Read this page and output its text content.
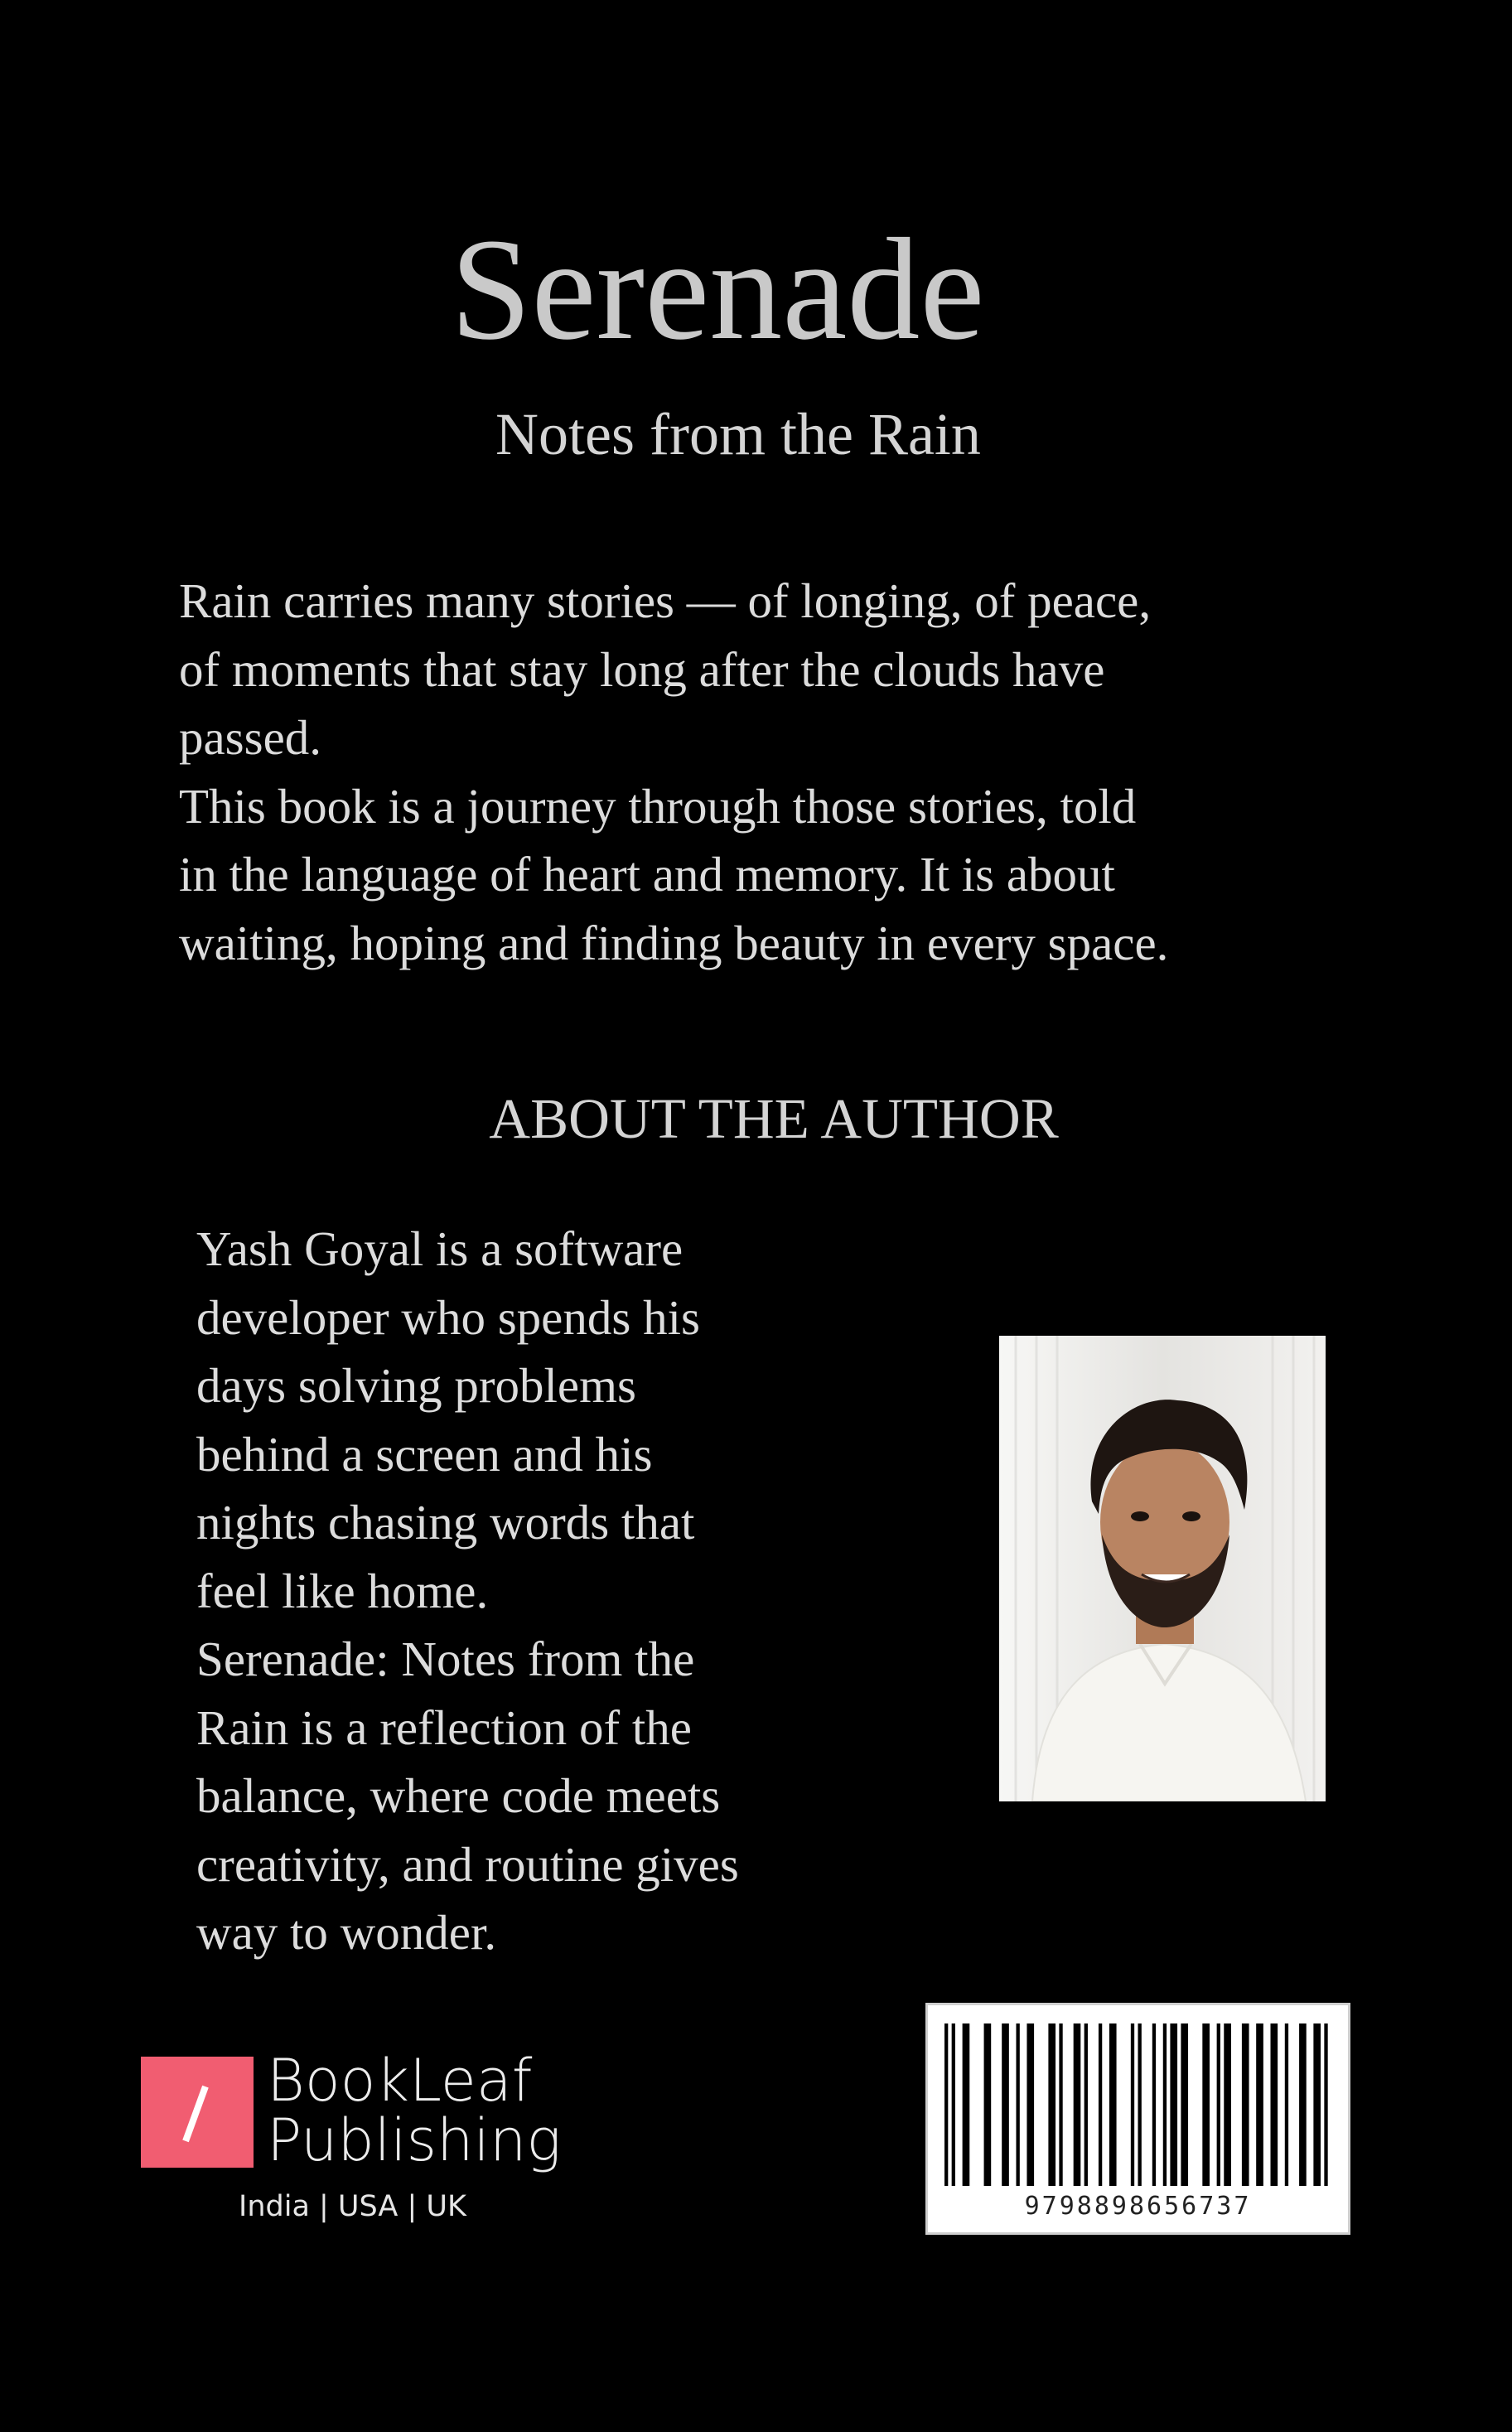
Serenade
Notes from the Rain
Rain carries many stories — of longing, of peace,
of moments that stay long after the clouds have
passed.
This book is a journey through those stories, told
in the language of heart and memory. It is about
waiting, hoping and finding beauty in every space.
ABOUT THE AUTHOR
Yash Goyal is a software
developer who spends his
days solving problems
behind a screen and his
nights chasing words that
feel like home.
Serenade: Notes from the
Rain is a reflection of the
balance, where code meets
creativity, and routine gives
way to wonder.
BookLeaf
Publishing
India | USA | UK	9798898656737
